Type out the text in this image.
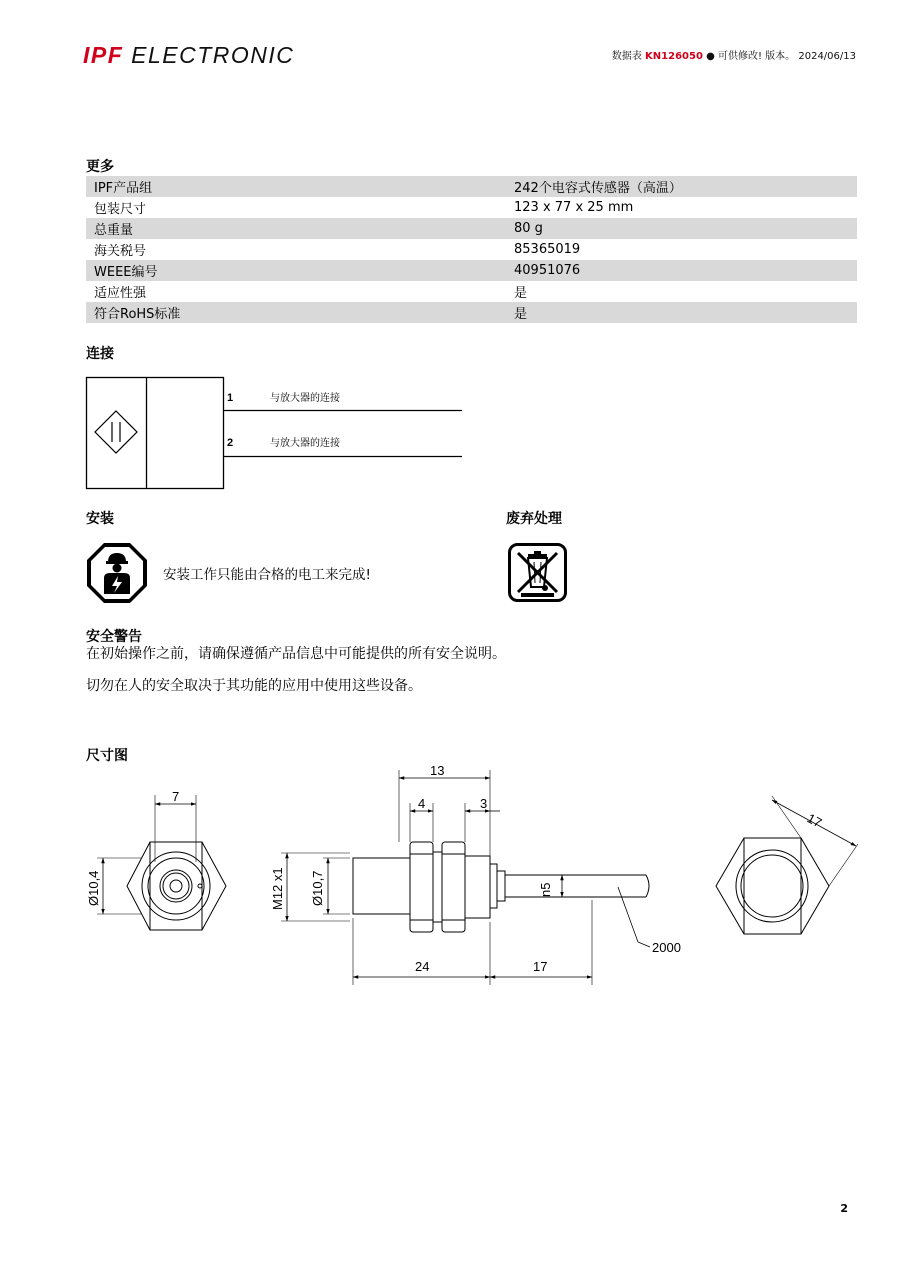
IPF ELECTRONIC	数据表 KN126050 ● 可供修改! 版本。 2024/06/13
更多
IPF产品组	242个电容式传感器（高温）
包装尺寸	123 x 77 x 25 mm
总重量	80 g
海关税号	85365019
WEEE编号	40951076
适应性强	是
符合RoHS标准	是
连接
1	与放大器的连接
2	与放大器的连接
安装
安装工作只能由合格的电工来完成!
废弃处理
安全警告
在初始操作之前，请确保遵循产品信息中可能提供的所有安全说明。
切勿在人的安全取决于其功能的应用中使用这些设备。
尺寸图
7
Ø10,4	M12 x1 Ø10,7
13
4	3
n5
24	17
2000
17
2
